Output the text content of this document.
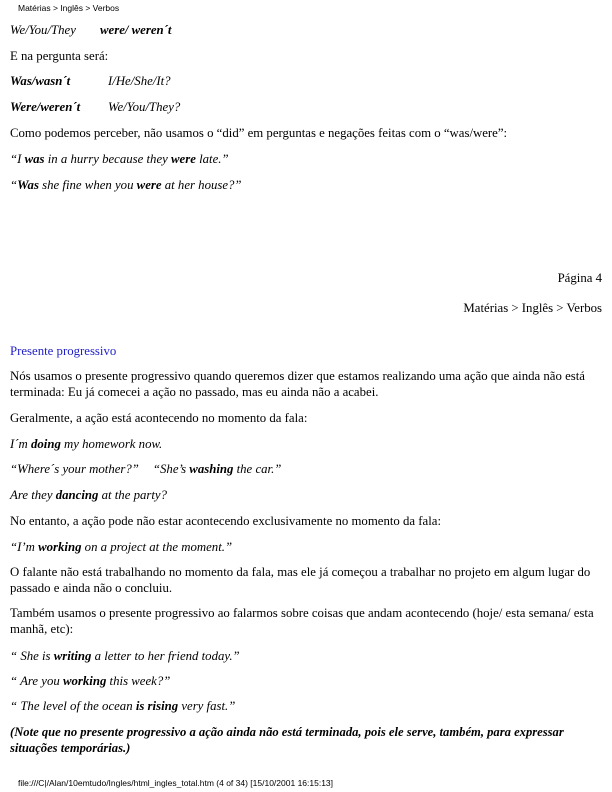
Matérias > Inglês > Verbos
We/You/They were/ weren´t
E na pergunta será:
Was/wasn´t	I/He/She/It?
Were/weren´t We/You/They?
Como podemos perceber, não usamos o “did” em perguntas e negações feitas com o “was/were”:
“I was in a hurry because they were late.”
“Was she fine when you were at her house?”
Página 4
Matérias > Inglês > Verbos
Presente progressivo
Nós usamos o presente progressivo quando queremos dizer que estamos realizando uma ação que ainda não está terminada: Eu já comecei a ação no passado, mas eu ainda não a acabei.
Geralmente, a ação está acontecendo no momento da fala:
I´m doing my homework now.
“Where´s your mother?” “She’s washing the car.”
Are they dancing at the party?
No entanto, a ação pode não estar acontecendo exclusivamente no momento da fala:
“I’m working on a project at the moment.”
O falante não está trabalhando no momento da fala, mas ele já começou a trabalhar no projeto em algum lugar do passado e ainda não o concluiu.
Também usamos o presente progressivo ao falarmos sobre coisas que andam acontecendo (hoje/ esta semana/ esta manhã, etc):
“ She is writing a letter to her friend today.”
“ Are you working this week?”
“ The level of the ocean is rising very fast.”
(Note que no presente progressivo a ação ainda não está terminada, pois ele serve, também, para expressar situações temporárias.)
file:///C|/Alan/10emtudo/Ingles/html_ingles_total.htm (4 of 34) [15/10/2001 16:15:13]
